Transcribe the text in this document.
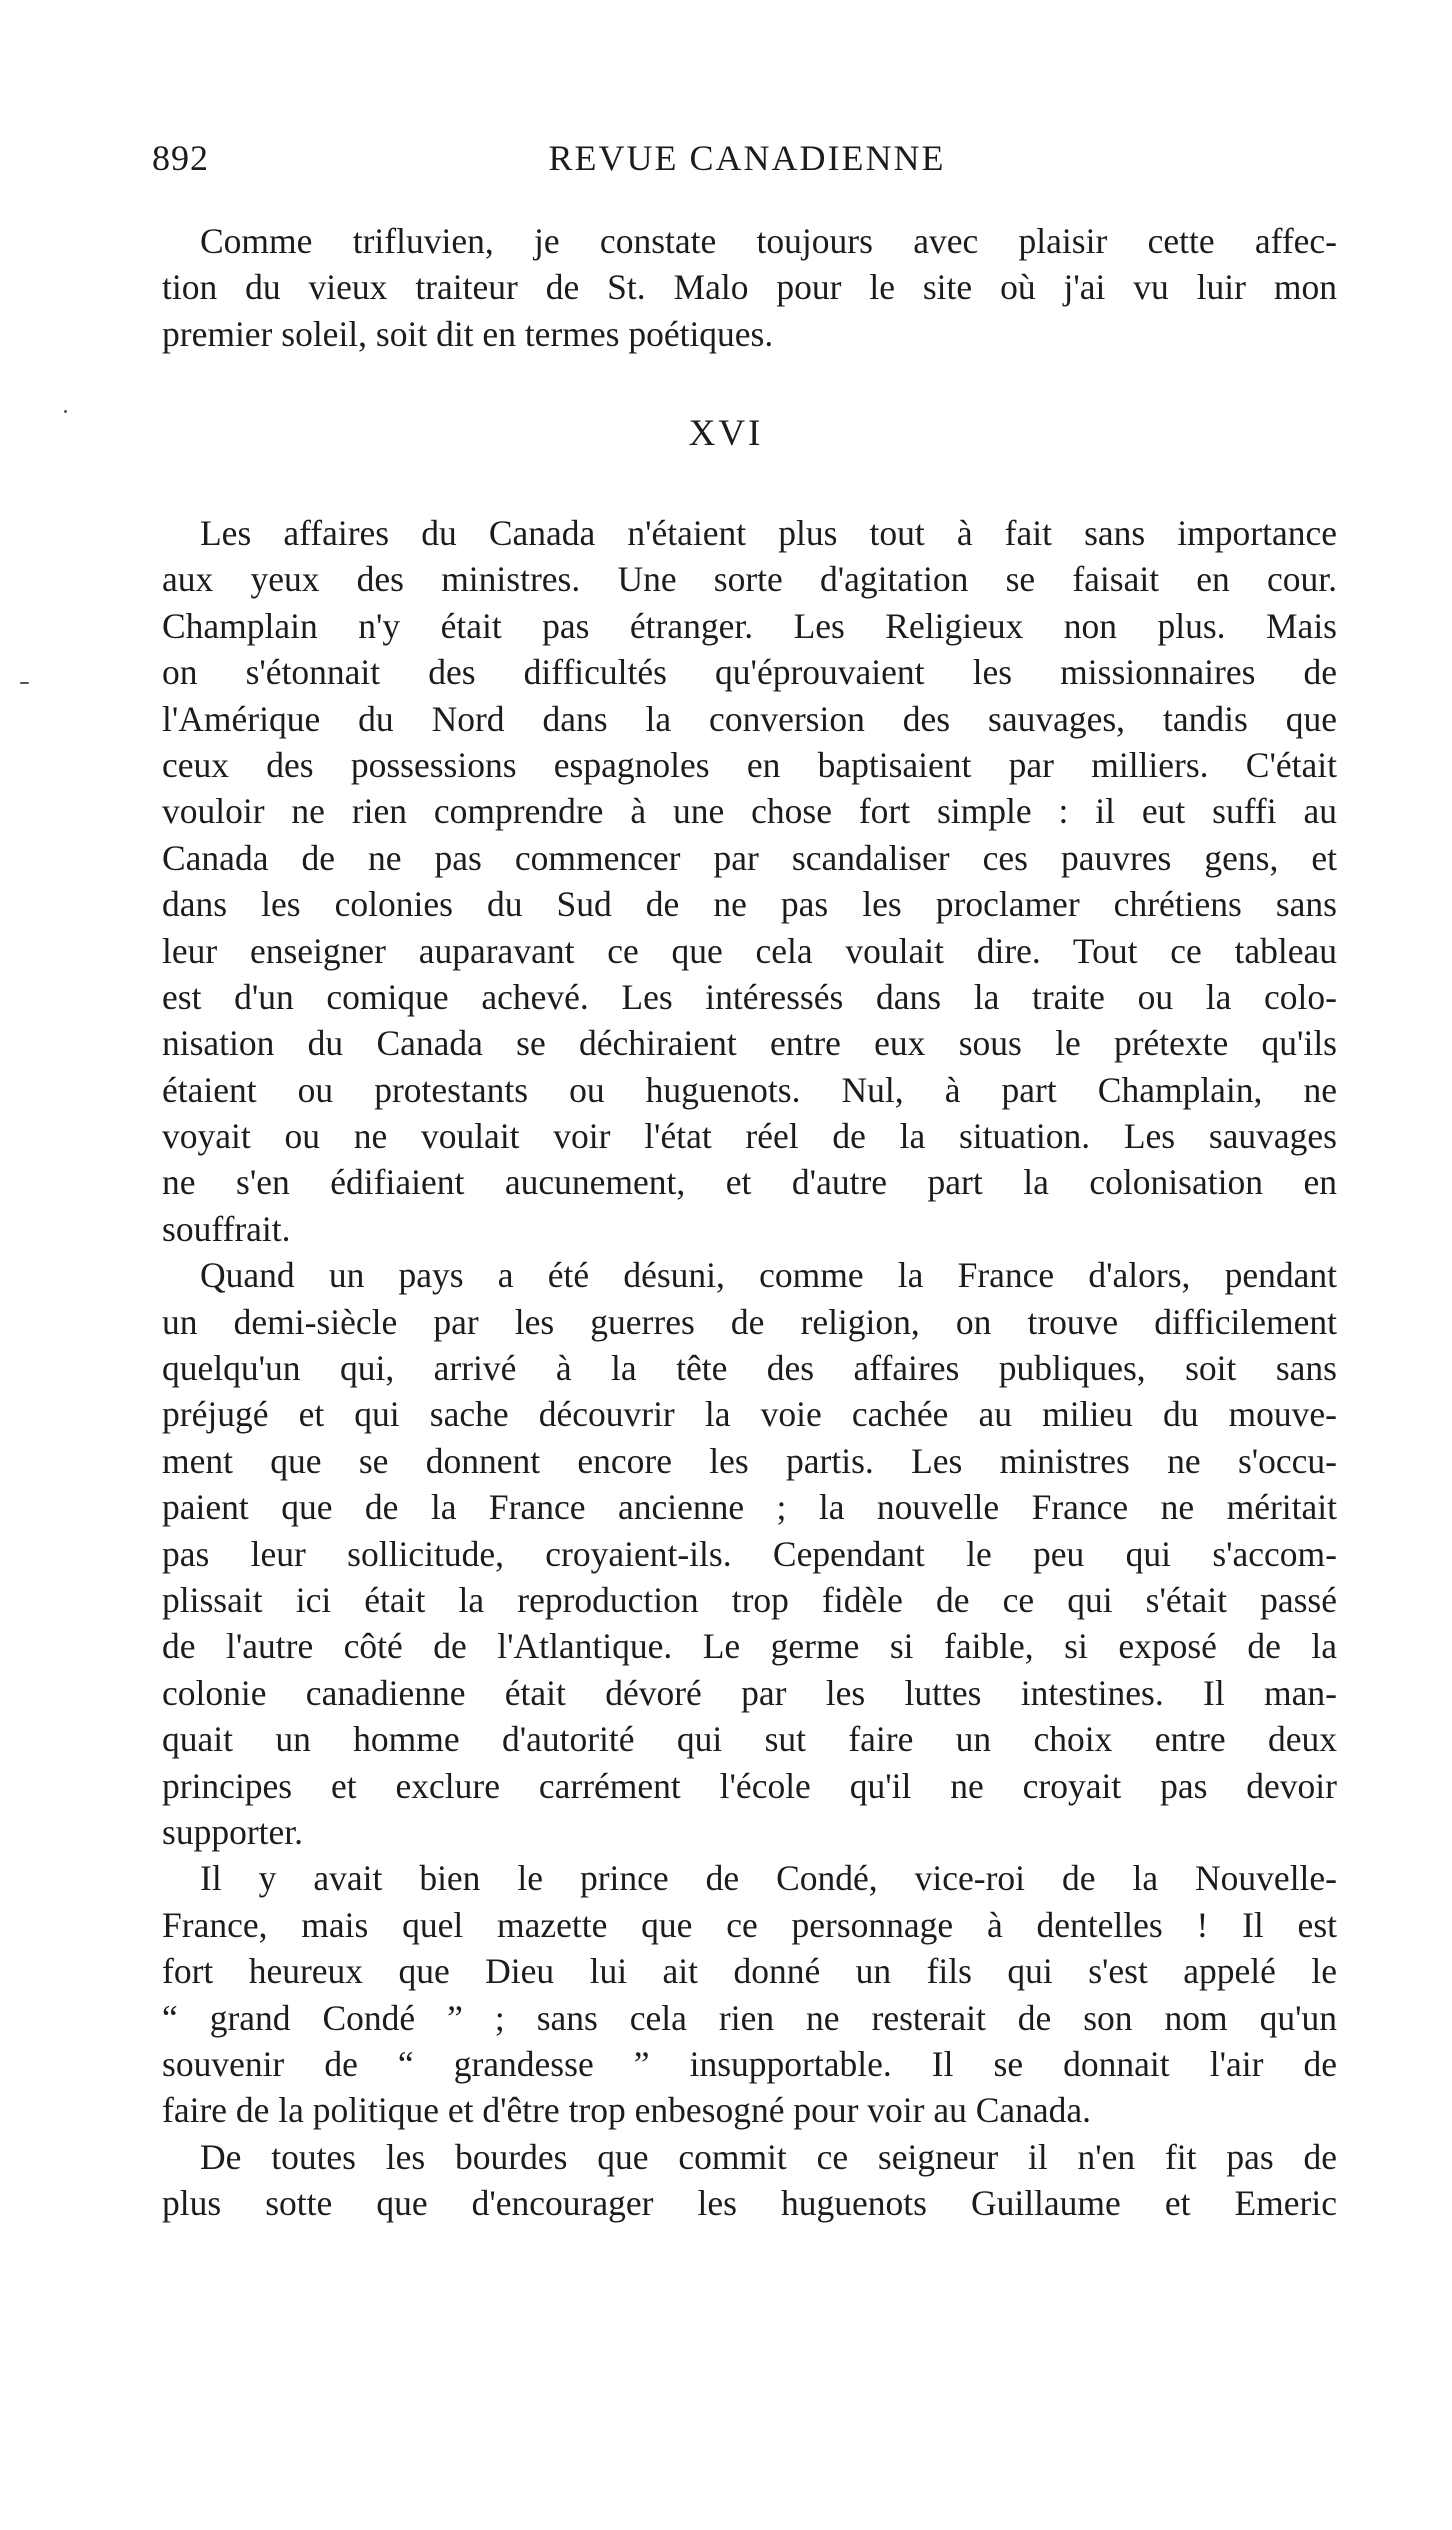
892	REVUE CANADIENNE
Comme trifluvien, je constate toujours avec plaisir cette affec-
tion du vieux traiteur de St. Malo pour le site où j'ai vu luir mon
premier soleil, soit dit en termes poétiques.
XVI
Les affaires du Canada n'étaient plus tout à fait sans importance
aux yeux des ministres. Une sorte d'agitation se faisait en cour.
Champlain n'y était pas étranger. Les Religieux non plus. Mais
on s'étonnait des difficultés qu'éprouvaient les missionnaires de
l'Amérique du Nord dans la conversion des sauvages, tandis que
ceux des possessions espagnoles en baptisaient par milliers. C'était
vouloir ne rien comprendre à une chose fort simple : il eut suffi au
Canada de ne pas commencer par scandaliser ces pauvres gens, et
dans les colonies du Sud de ne pas les proclamer chrétiens sans
leur enseigner auparavant ce que cela voulait dire. Tout ce tableau
est d'un comique achevé. Les intéressés dans la traite ou la colo-
nisation du Canada se déchiraient entre eux sous le prétexte qu'ils
étaient ou protestants ou huguenots. Nul, à part Champlain, ne
voyait ou ne voulait voir l'état réel de la situation. Les sauvages
ne s'en édifiaient aucunement, et d'autre part la colonisation en
souffrait.
Quand un pays a été désuni, comme la France d'alors, pendant
un demi-siècle par les guerres de religion, on trouve difficilement
quelqu'un qui, arrivé à la tête des affaires publiques, soit sans
préjugé et qui sache découvrir la voie cachée au milieu du mouve-
ment que se donnent encore les partis. Les ministres ne s'occu-
paient que de la France ancienne ; la nouvelle France ne méritait
pas leur sollicitude, croyaient-ils. Cependant le peu qui s'accom-
plissait ici était la reproduction trop fidèle de ce qui s'était passé
de l'autre côté de l'Atlantique. Le germe si faible, si exposé de la
colonie canadienne était dévoré par les luttes intestines. Il man-
quait un homme d'autorité qui sut faire un choix entre deux
principes et exclure carrément l'école qu'il ne croyait pas devoir
supporter.
Il y avait bien le prince de Condé, vice-roi de la Nouvelle-
France, mais quel mazette que ce personnage à dentelles ! Il est
fort heureux que Dieu lui ait donné un fils qui s'est appelé le
“ grand Condé ” ; sans cela rien ne resterait de son nom qu'un
souvenir de “ grandesse ” insupportable. Il se donnait l'air de
faire de la politique et d'être trop enbesogné pour voir au Canada.
De toutes les bourdes que commit ce seigneur il n'en fit pas de
plus sotte que d'encourager les huguenots Guillaume et Emeric
